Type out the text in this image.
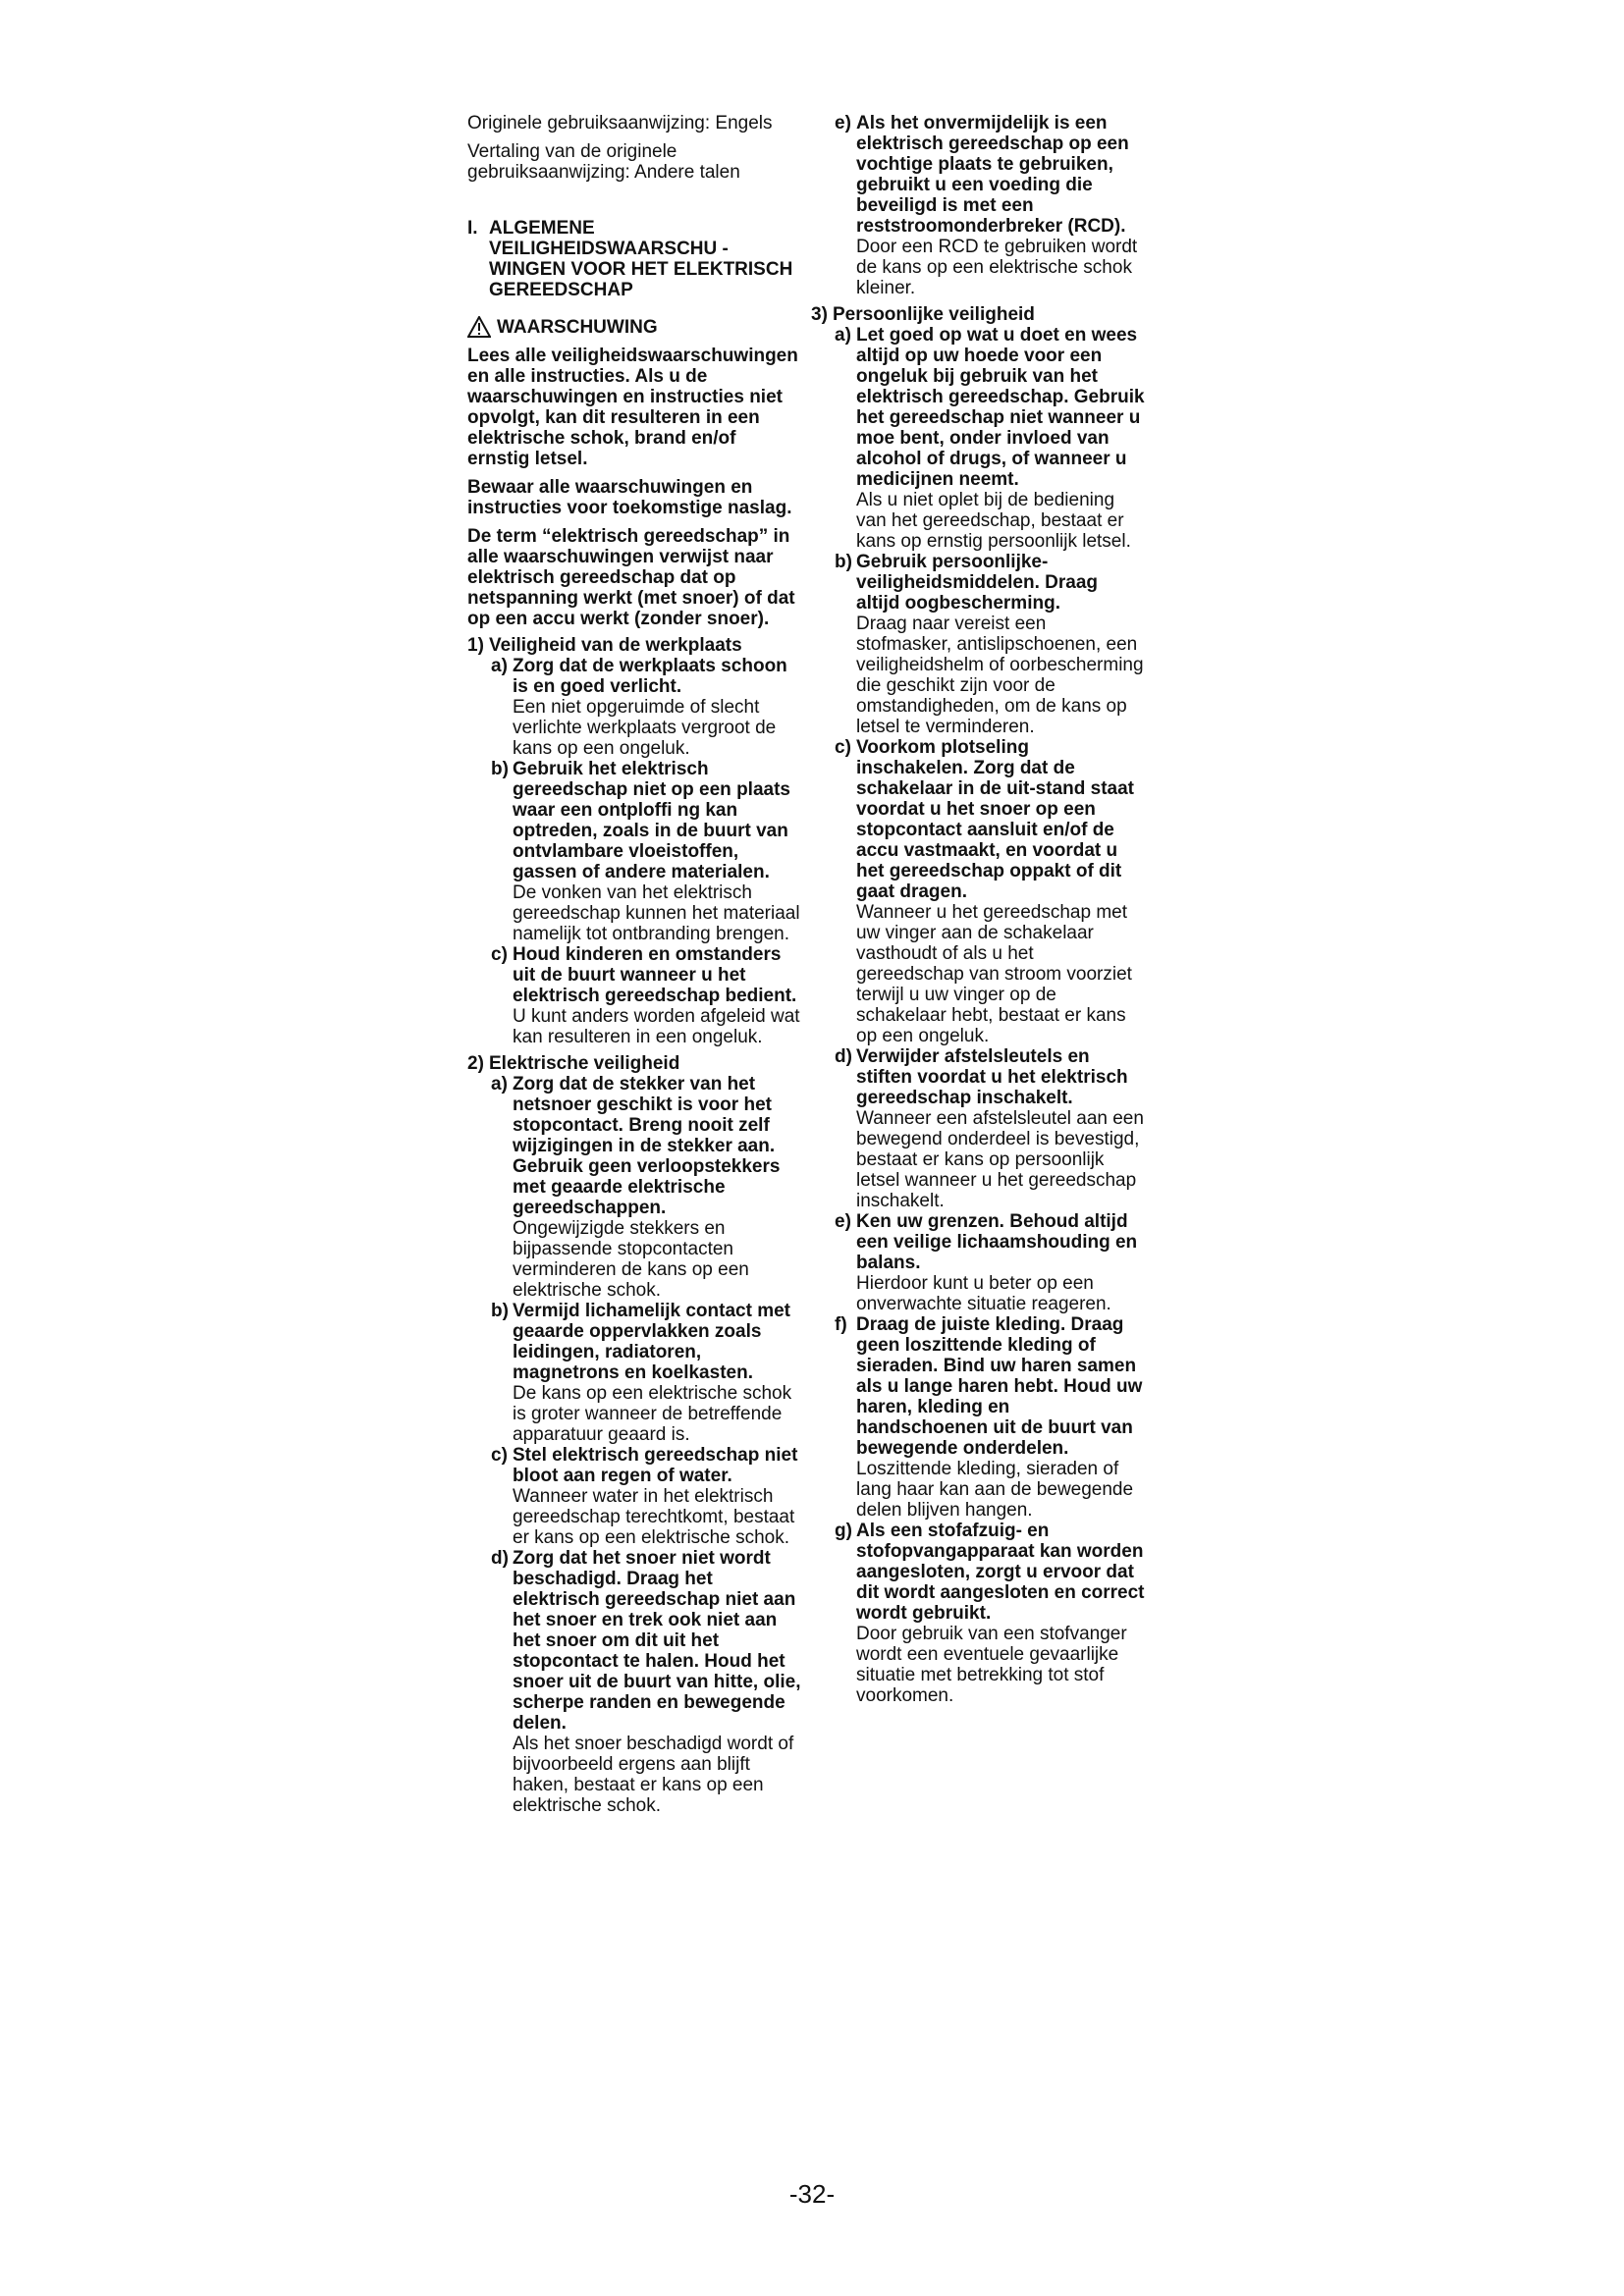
Originele gebruiksaanwijzing: Engels

Vertaling van de originele gebruiksaanwijzing: Andere talen

I. ALGEMENE VEILIGHEIDSWAARSCHU - WINGEN VOOR HET ELEKTRISCH GEREEDSCHAP
WAARSCHUWING

Lees alle veiligheidswaarschuwingen en alle instructies. Als u de waarschuwingen en instructies niet opvolgt, kan dit resulteren in een elektrische schok, brand en/of ernstig letsel.

Bewaar alle waarschuwingen en instructies voor toekomstige naslag.

De term “elektrisch gereedschap” in alle waarschuwingen verwijst naar elektrisch gereedschap dat op netspanning werkt (met snoer) of dat op een accu werkt (zonder snoer).

1) Veiligheid van de werkplaats
a) Zorg dat de werkplaats schoon is en goed verlicht.

Een niet opgeruimde of slecht verlichte werkplaats vergroot de kans op een ongeluk.

b) Gebruik het elektrisch gereedschap niet op een plaats waar een ontploffi ng kan optreden, zoals in de buurt van ontvlambare vloeistoffen, gassen of andere materialen.

De vonken van het elektrisch gereedschap kunnen het materiaal namelijk tot ontbranding brengen.

c) Houd kinderen en omstanders uit de buurt wanneer u het elektrisch gereedschap bedient.

U kunt anders worden afgeleid wat kan resulteren in een ongeluk.

2) Elektrische veiligheid
a) Zorg dat de stekker van het netsnoer geschikt is voor het stopcontact. Breng nooit zelf wijzigingen in de stekker aan. Gebruik geen verloopstekkers met geaarde elektrische gereedschappen.

Ongewijzigde stekkers en bijpassende stopcontacten verminderen de kans op een elektrische schok.

b) Vermijd lichamelijk contact met geaarde oppervlakken zoals leidingen, radiatoren, magnetrons en koelkasten.

De kans op een elektrische schok is groter wanneer de betreffende apparatuur geaard is.

c) Stel elektrisch gereedschap niet bloot aan regen of water.

Wanneer water in het elektrisch gereedschap terechtkomt, bestaat er kans op een elektrische schok.

d) Zorg dat het snoer niet wordt beschadigd. Draag het elektrisch gereedschap niet aan het snoer en trek ook niet aan het snoer om dit uit het stopcontact te halen. Houd het snoer uit de buurt van hitte, olie, scherpe randen en bewegende delen.

Als het snoer beschadigd wordt of bijvoorbeeld ergens aan blijft haken, bestaat er kans op een elektrische schok.

e) Als het onvermijdelijk is een elektrisch gereedschap op een vochtige plaats te gebruiken, gebruikt u een voeding die beveiligd is met een reststroomonderbreker (RCD).

Door een RCD te gebruiken wordt de kans op een elektrische schok kleiner.

3) Persoonlijke veiligheid
a) Let goed op wat u doet en wees altijd op uw hoede voor een ongeluk bij gebruik van het elektrisch gereedschap. Gebruik het gereedschap niet wanneer u moe bent, onder invloed van alcohol of drugs, of wanneer u medicijnen neemt.

Als u niet oplet bij de bediening van het gereedschap, bestaat er kans op ernstig persoonlijk letsel.

b) Gebruik persoonlijke-veiligheidsmiddelen. Draag altijd oogbescherming.

Draag naar vereist een stofmasker, antislipschoenen, een veiligheidshelm of oorbescherming die geschikt zijn voor de omstandigheden, om de kans op letsel te verminderen.

c) Voorkom plotseling inschakelen. Zorg dat de schakelaar in de uit-stand staat voordat u het snoer op een stopcontact aansluit en/of de accu vastmaakt, en voordat u het gereedschap oppakt of dit gaat dragen.

Wanneer u het gereedschap met uw vinger aan de schakelaar vasthoudt of als u het gereedschap van stroom voorziet terwijl u uw vinger op de schakelaar hebt, bestaat er kans op een ongeluk.

d) Verwijder afstelsleutels en stiften voordat u het elektrisch gereedschap inschakelt.

Wanneer een afstelsleutel aan een bewegend onderdeel is bevestigd, bestaat er kans op persoonlijk letsel wanneer u het gereedschap inschakelt.

e) Ken uw grenzen. Behoud altijd een veilige lichaamshouding en balans.

Hierdoor kunt u beter op een onverwachte situatie reageren.

f) Draag de juiste kleding. Draag geen loszittende kleding of sieraden. Bind uw haren samen als u lange haren hebt. Houd uw haren, kleding en handschoenen uit de buurt van bewegende onderdelen.

Loszittende kleding, sieraden of lang haar kan aan de bewegende delen blijven hangen.

g) Als een stofafzuig- en stofopvangapparaat kan worden aangesloten, zorgt u ervoor dat dit wordt aangesloten en correct wordt gebruikt.

Door gebruik van een stofvanger wordt een eventuele gevaarlijke situatie met betrekking tot stof voorkomen.

-32-
